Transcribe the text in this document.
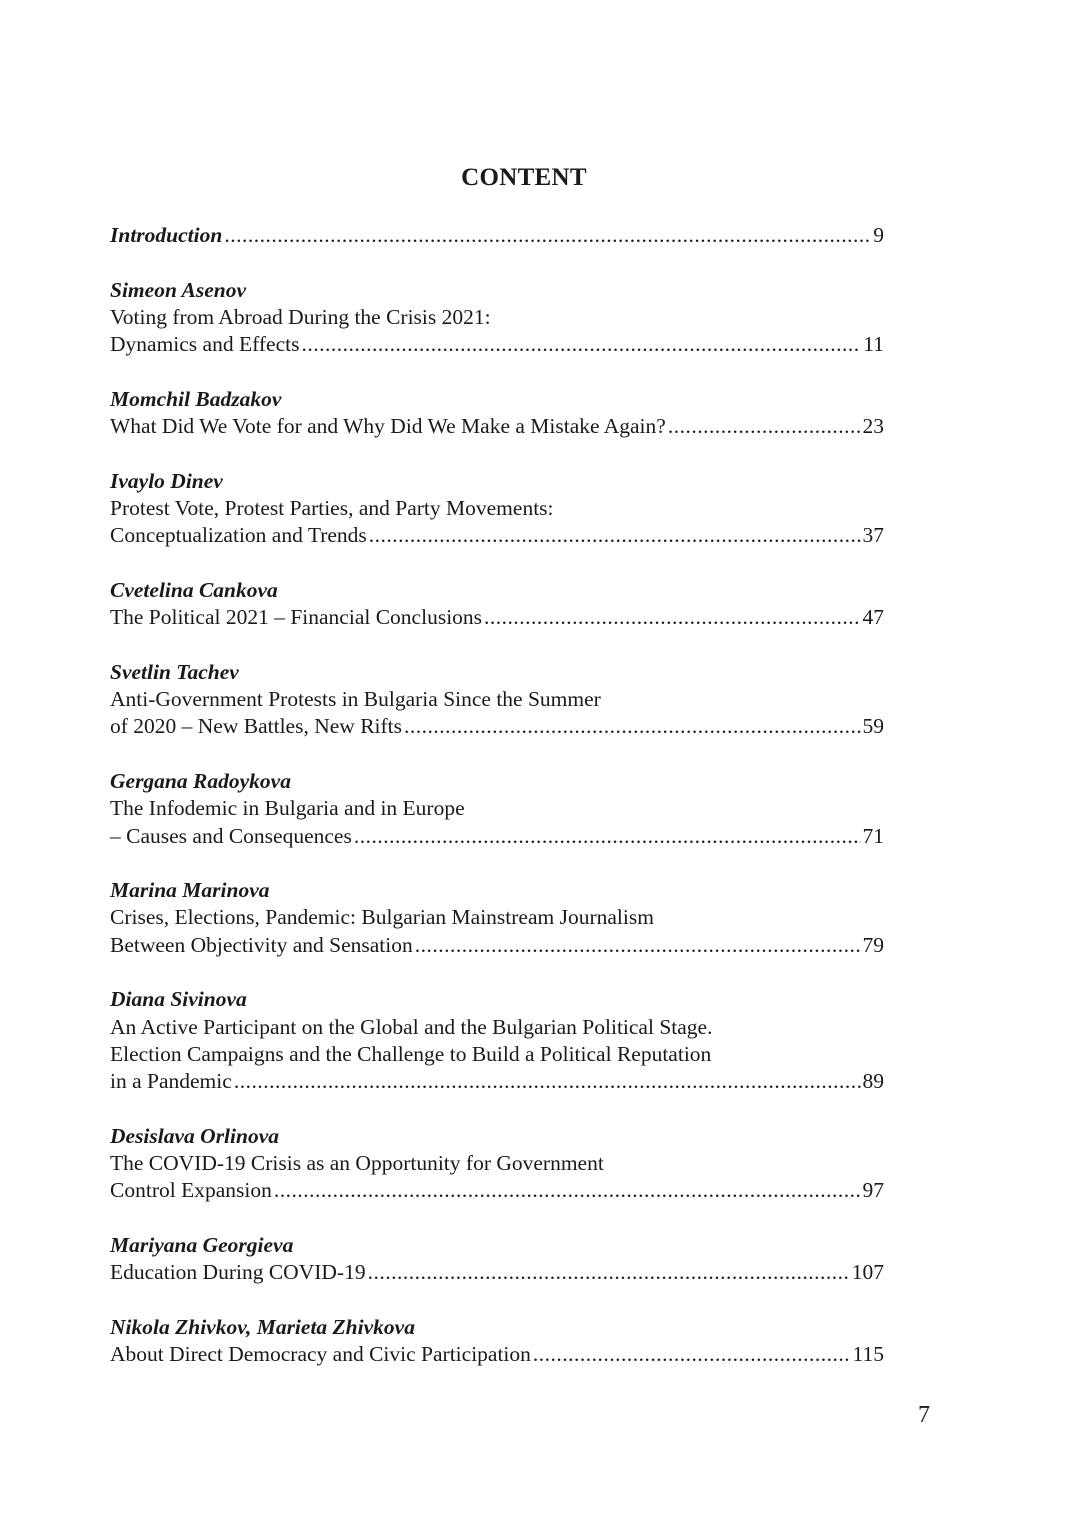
CONTENT
Introduction .....	9
Simeon Asenov
Voting from Abroad During the Crisis 2021:
Dynamics and Effects .....	11
Momchil Badzakov
What Did We Vote for and Why Did We Make a Mistake Again? .....	23
Ivaylo Dinev
Protest Vote, Protest Parties, and Party Movements:
Conceptualization and Trends .....	37
Cvetelina Cankova
The Political 2021 – Financial Conclusions .....	47
Svetlin Tachev
Anti-Government Protests in Bulgaria Since the Summer
of 2020 – New Battles, New Rifts .....	59
Gergana Radoykova
The Infodemic in Bulgaria and in Europe
– Causes and Consequences .....	71
Marina Marinova
Crises, Elections, Pandemic: Bulgarian Mainstream Journalism
Between Objectivity and Sensation .....	79
Diana Sivinova
An Active Participant on the Global and the Bulgarian Political Stage.
Election Campaigns and the Challenge to Build a Political Reputation
in a Pandemic .....	89
Desislava Orlinova
The COVID-19 Crisis as an Opportunity for Government
Control Expansion .....	97
Mariyana Georgieva
Education During COVID-19 .....	107
Nikola Zhivkov, Marieta Zhivkova
About Direct Democracy and Civic Participation .....	115
7
